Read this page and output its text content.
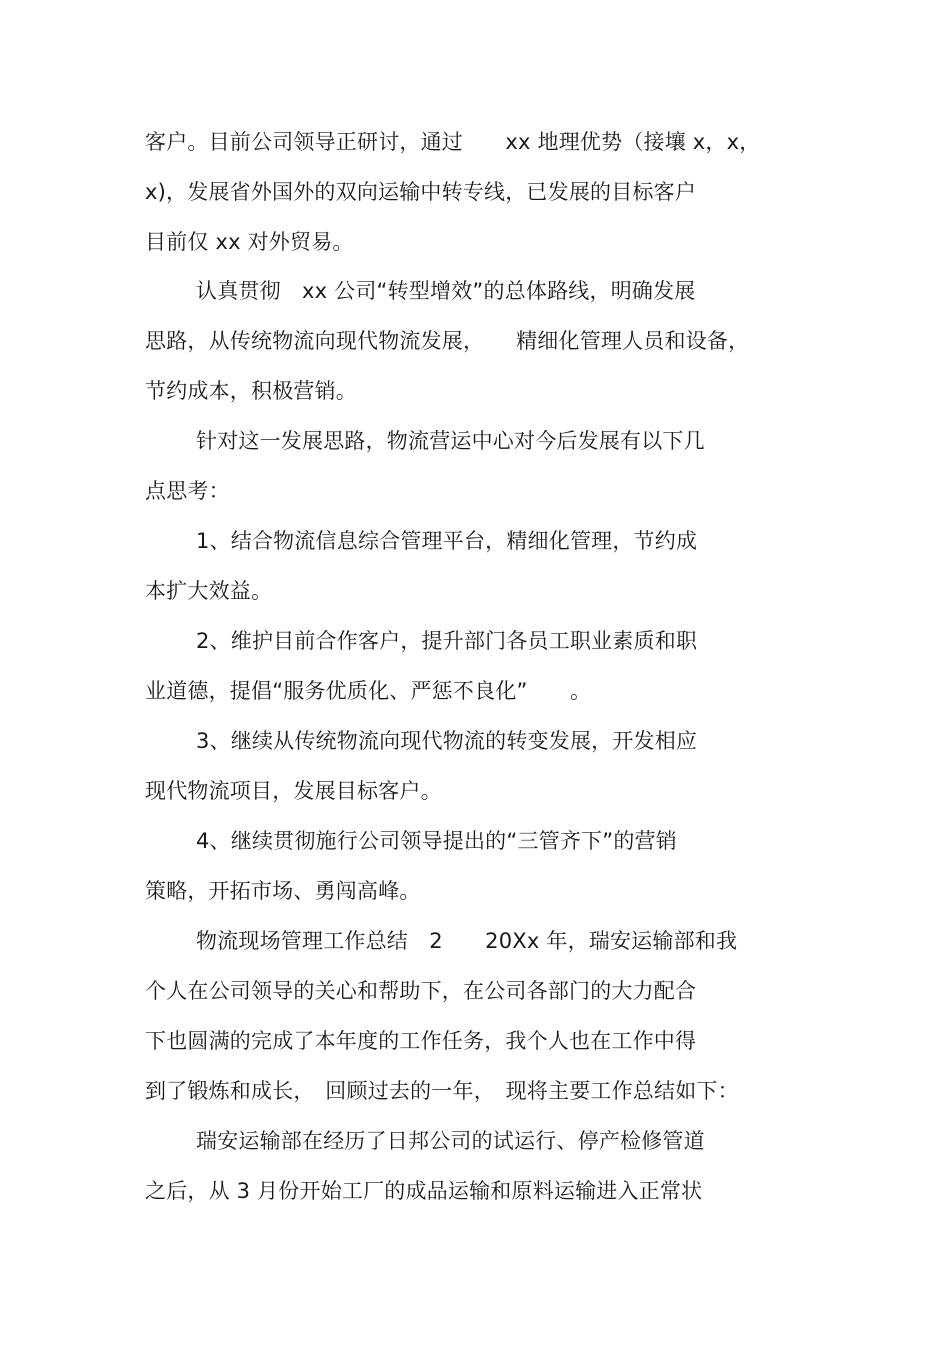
客户。目前公司领导正研讨，通过　　xx 地理优势（接壤 x，x，
x)，发展省外国外的双向运输中转专线，已发展的目标客户
目前仅 xx 对外贸易。
认真贯彻　xx 公司“转型增效”的总体路线，明确发展
思路，从传统物流向现代物流发展，　　精细化管理人员和设备，
节约成本，积极营销。
针对这一发展思路，物流营运中心对今后发展有以下几
点思考：
1、结合物流信息综合管理平台，精细化管理，节约成
本扩大效益。
2、维护目前合作客户，提升部门各员工职业素质和职
业道德，提倡“服务优质化、严惩不良化”　　。
3、继续从传统物流向现代物流的转变发展，开发相应
现代物流项目，发展目标客户。
4、继续贯彻施行公司领导提出的“三管齐下”的营销
策略，开拓市场、勇闯高峰。
物流现场管理工作总结　2　　20Xx 年，瑞安运输部和我
个人在公司领导的关心和帮助下，在公司各部门的大力配合
下也圆满的完成了本年度的工作任务，我个人也在工作中得
到了锻炼和成长，　回顾过去的一年，　现将主要工作总结如下：
瑞安运输部在经历了日邦公司的试运行、停产检修管道
之后，从 3 月份开始工厂的成品运输和原料运输进入正常状
